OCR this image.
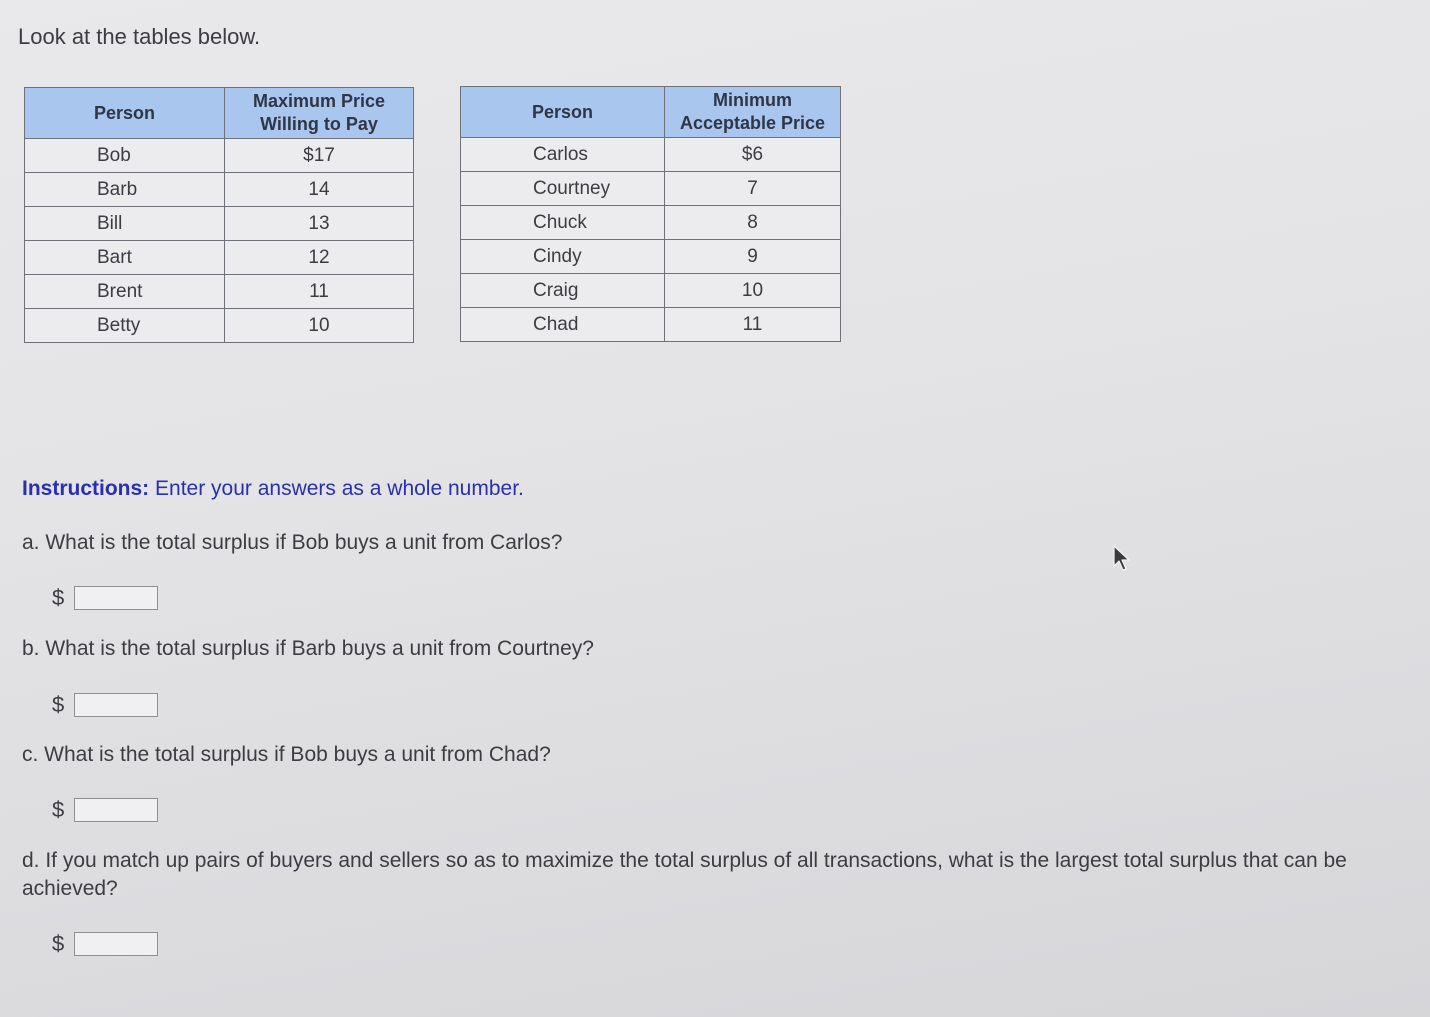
Look at the tables below.
Person	Maximum Price Willing to Pay
Bob	$17
Barb	14
Bill	13
Bart	12
Brent	11
Betty	10
Person	Minimum Acceptable Price
Carlos	$6
Courtney	7
Chuck	8
Cindy	9
Craig	10
Chad	11
Instructions: Enter your answers as a whole number.
a. What is the total surplus if Bob buys a unit from Carlos?
$
b. What is the total surplus if Barb buys a unit from Courtney?
$
c. What is the total surplus if Bob buys a unit from Chad?
$
d. If you match up pairs of buyers and sellers so as to maximize the total surplus of all transactions, what is the largest total surplus that can be achieved?
$
